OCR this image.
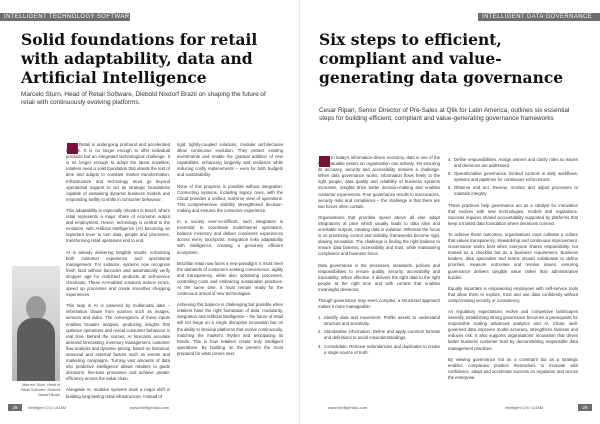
INTELLIGENT TECHNOLOGY SOFTWARE
Solid foundations for retail with adaptability, data and Artificial Intelligence
Marcelo Sturn, Head of Retail Software, Diebold Nixdorf Brazil on shaping the future of retail with continuously evolving platforms.

Retail is undergoing profound and accelerated change. It is no longer enough to offer individual products but an integrated technological challenge. It is no longer enough to adopt the latest novelties; retailers need a solid foundation that stands the test of time and adapts to constant market transformation. Infrastructure and technology must go beyond operational support to act as strategic foundations capable of sustaining dynamic business models and responding swiftly to shifts in consumer behaviour.

This adaptability is especially relevant in Brazil, where retail represents a major share of economic output and employment. Hence, technology is central to the evolution, with Artificial Intelligence (AI) becoming an important lever to turn data, people and processes, transforming retail operations end to end.

AI is already delivering tangible results, enhancing both customer experience and operational management. For instance, systems now recognise fresh food without barcodes and automatically verify shopper age for restricted products at self-service checkouts. These AI-enabled solutions reduce errors, speed up processes and create smoother shopping experiences.

This leap in AI is powered by multimodal data – information drawn from sources such as images, sensors and video. The convergence of these inputs enables broader analysis, producing insights that optimise operations and reveal consumer behaviour in real time. Behind the scenes, AI forecasts accurate demand forecasting, inventory management, customer flow analysis and dynamic pricing, based on historical, seasonal and external factors such as events and marketing campaigns. Turning vast amounts of data into predictive intelligence allows retailers to guide decisions, fine-tune processes and achieve greater efficiency across the value chain.

Alongside AI, modular systems mark a major shift in building long-lasting retail infrastructure. Instead of

rigid, tightly-coupled solutions, modular architectures allow continuous evolution. They protect existing investments and enable the gradual addition of new capabilities, enhancing longevity and resilience while reducing costly replacements – even for both budgets and sustainability.

None of this progress is possible without integration. Connecting systems, including legacy ones, with the Cloud provides a unified, real-time view of operations. This comprehensive visibility strengthened decision-making and ensures the consumer experience.

In a society ever-so-difficult, such integration is essential: to coordinate multichannel operations, balance inventory and deliver consistent experiences across every touchpoint. Integration links adaptability with intelligence, creating a genuinely efficient ecosystem.

Brazilian retail now faces a new paradigm: it must meet the demands of customers seeking convenience, agility and transparency, while also optimising processes, controlling costs and embracing sustainable practices. At the same time, it must remain ready for the continuous arrival of new technologies.

Achieving this balance is challenging but possible when retailers have the right foundation of data, modularity, integration and Artificial Intelligence – the future of retail will not hinge on a single disruptive innovation but on the ability to develop platforms that evolve continuously, matching the market's rhythm and anticipating its trends. This is how retailers create truly intelligent operations. By building on the present the most prepared for what comes next.

Marcelo Sturn, Head of Retail Software, Diebold Nixdorf Brazil
28	Intelligent CIO LATAM	www.intelligentcio.com
INTELLIGENT DATA GOVERNANCE
Six steps to efficient, compliant and value-generating data governance
Cesar Ripari, Senior Director of Pre-Sales at Qlik for Latin America, outlines six essential steps for building efficient, compliant and value-generating governance frameworks

In today's information-driven economy, data is one of the most valuable assets an organisation can actively. Yet ensuring its accuracy, security and accessibility remains a challenge. When data governance works, information flows freely to the right people, data quality and reliability of business systems increases, insights drive better decision-making and enables customer experiences. Poor governance results in inaccuracies, security risks and compliance – the challenge is that there are two forces often contain.

Organisations that prioritise speed above all else adopt integrations at pace which usually leads to data silos and unreliable outputs, creating data in isolation. Whereas the focus is on prioritising control and visibility, frameworks become rigid, slowing innovation. The challenge is finding the right balance to ensure data fairness, accessibility and trust, while maintaining compliance and business focus.

Data governance is the processes, standards, policies and responsibilities to ensure quality, security, accessibility and traceability. When effective, it delivers the right data to the right people at the right time and with context that enables meaningful decisions.

Though governance may seem complex, a structured approach makes it more manageable:

1. Identify data and movement. Profile assets to understand structure and sensitivity.
2. Standardise information. Define and apply common formats and definitions to avoid misunderstandings.
3. Consolidate. Remove redundancies and duplicates to create a single source of truth.
4. Define responsibilities. Assign owners and clarify roles so issues and decisions are addressed.
5. Operationalise governance. Embed controls in daily workflows, systems and pipelines for continuous enforcement.
6. Observe and act. Review, monitor and adjust processes to maintain integrity.

These practices help governance act as a catalyst for innovation that evolves with new technologies, models and regulations. Success requires shared accountability supported by platforms that keep a trusted data foundation where decisions connect.

To achieve these outcomes, organisations must cultivate a culture that values transparency, stewardship and continuous improvement. Governance works best when everyone shares responsibility, not treated as a checklist but as a business requirement. Business leaders, data specialists and teams should collaborate to define priorities, measure outcomes and resolve issues, ensuring governance delivers tangible value rather than administrative burden.

Equally important is empowering employees with self-service tools that allow them to explore, trust and use data confidently without compromising security or consistency.

As regulatory expectations evolve and competitive landscapes intensify, establishing strong governance becomes a prerequisite for responsible scaling advanced analytics and AI. Clean, well-governed data improves model accuracy, strengthens fairness and reduces risk. It also supports organisations' innovation that drives better business customer trust by demonstrating responsible data management practices.

By viewing governance not as a constraint but as a strategic enabler, companies position themselves to innovate with confidence, adapt and accelerate success on regulation and across the enterprise.

www.intelligentcio.com	Intelligent CIO LATAM	29
